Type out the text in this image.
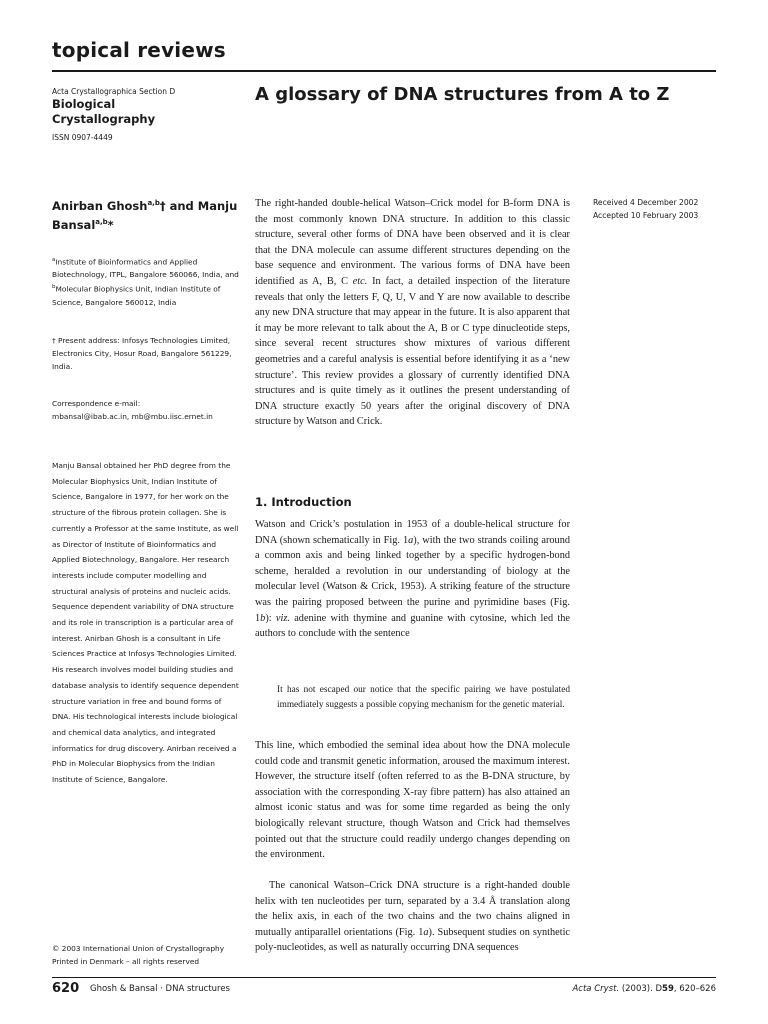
topical reviews
Acta Crystallographica Section D
Biological
Crystallography
ISSN 0907-4449
A glossary of DNA structures from A to Z
Anirban Ghosh$^{a,b}$† and Manju Bansal$^{a,b}$*
$^a$Institute of Bioinformatics and Applied Biotechnology, ITPL, Bangalore 560066, India, and $^b$Molecular Biophysics Unit, Indian Institute of Science, Bangalore 560012, India
† Present address: Infosys Technologies Limited, Electronics City, Hosur Road, Bangalore 561229, India.
Correspondence e-mail:
mbansal@ibab.ac.in, mb@mbu.iisc.ernet.in
Manju Bansal obtained her PhD degree from the Molecular Biophysics Unit, Indian Institute of Science, Bangalore in 1977, for her work on the structure of the fibrous protein collagen. She is currently a Professor at the same Institute, as well as Director of Institute of Bioinformatics and Applied Biotechnology, Bangalore. Her research interests include computer modelling and structural analysis of proteins and nucleic acids. Sequence dependent variability of DNA structure and its role in transcription is a particular area of interest. Anirban Ghosh is a consultant in Life Sciences Practice at Infosys Technologies Limited. His research involves model building studies and database analysis to identify sequence dependent structure variation in free and bound forms of DNA. His technological interests include biological and chemical data analytics, and integrated informatics for drug discovery. Anirban received a PhD in Molecular Biophysics from the Indian Institute of Science, Bangalore.
© 2003 International Union of Crystallography
Printed in Denmark – all rights reserved
Received 4 December 2002
Accepted 10 February 2003

The right-handed double-helical Watson–Crick model for B-form DNA is the most commonly known DNA structure. In addition to this classic structure, several other forms of DNA have been observed and it is clear that the DNA molecule can assume different structures depending on the base sequence and environment. The various forms of DNA have been identified as A, B, C etc. In fact, a detailed inspection of the literature reveals that only the letters F, Q, U, V and Y are now available to describe any new DNA structure that may appear in the future. It is also apparent that it may be more relevant to talk about the A, B or C type dinucleotide steps, since several recent structures show mixtures of various different geometries and a careful analysis is essential before identifying it as a ‘new structure’. This review provides a glossary of currently identified DNA structures and is quite timely as it outlines the present understanding of DNA structure exactly 50 years after the original discovery of DNA structure by Watson and Crick.

1. Introduction

Watson and Crick’s postulation in 1953 of a double-helical structure for DNA (shown schematically in Fig. 1a), with the two strands coiling around a common axis and being linked together by a specific hydrogen-bond scheme, heralded a revolution in our understanding of biology at the molecular level (Watson & Crick, 1953). A striking feature of the structure was the pairing proposed between the purine and pyrimidine bases (Fig. 1b): viz. adenine with thymine and guanine with cytosine, which led the authors to conclude with the sentence

It has not escaped our notice that the specific pairing we have postulated immediately suggests a possible copying mechanism for the genetic material.

This line, which embodied the seminal idea about how the DNA molecule could code and transmit genetic information, aroused the maximum interest. However, the structure itself (often referred to as the B-DNA structure, by association with the corresponding X-ray fibre pattern) has also attained an almost iconic status and was for some time regarded as being the only biologically relevant structure, though Watson and Crick had themselves pointed out that the structure could readily undergo changes depending on the environment.

The canonical Watson–Crick DNA structure is a right-handed double helix with ten nucleotides per turn, separated by a 3.4 Å translation along the helix axis, in each of the two chains and the two chains aligned in mutually antiparallel orientations (Fig. 1a). Subsequent studies on synthetic poly-nucleotides, as well as naturally occurring DNA sequences

620 Ghosh & Bansal · DNA structures	Acta Cryst. (2003). D59, 620–626
